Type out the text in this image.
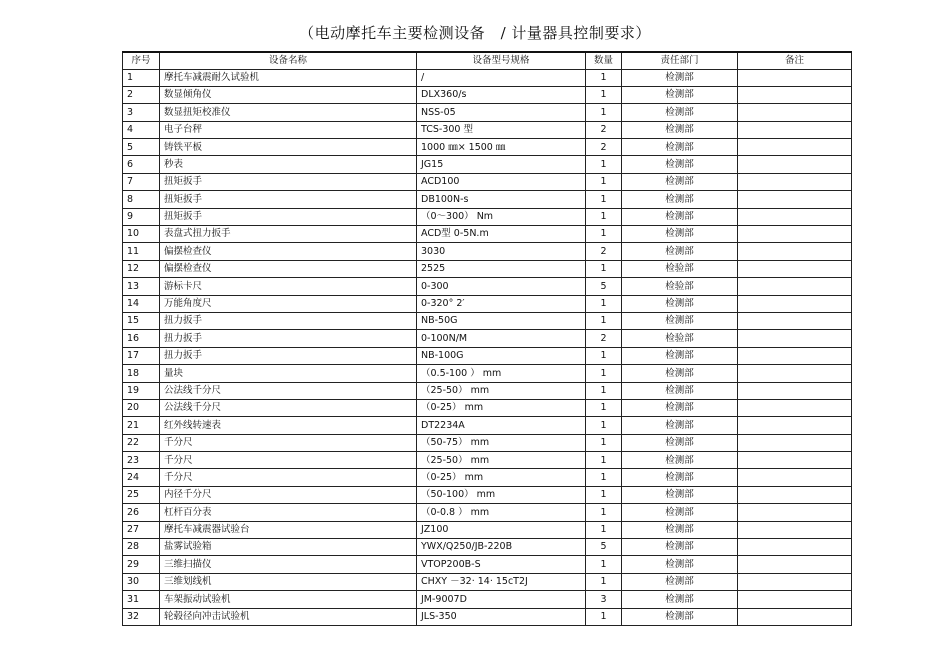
（电动摩托车主要检测设备　/ 计量器具控制要求）
序号	设备名称	设备型号规格	数量	责任部门	备注
1	摩托车减震耐久试验机	/	1	检测部	
2	数显倾角仪	DLX360/s	1	检测部	
3	数显扭矩校准仪	NSS-05	1	检测部	
4	电子台秤	TCS-300 型	2	检测部	
5	铸铁平板	1000 ㎜× 1500 ㎜	2	检测部	
6	秒表	JG15	1	检测部	
7	扭矩扳手	ACD100	1	检测部	
8	扭矩扳手	DB100N-s	1	检测部	
9	扭矩扳手	（0～300） Nm	1	检测部	
10	表盘式扭力扳手	ACD型 0-5N.m	1	检测部	
11	偏摆检查仪	3030	2	检测部	
12	偏摆检查仪	2525	1	检验部	
13	游标卡尺	0-300	5	检验部	
14	万能角度尺	0-320° 2′	1	检测部	
15	扭力扳手	NB-50G	1	检测部	
16	扭力扳手	0-100N/M	2	检验部	
17	扭力扳手	NB-100G	1	检测部	
18	量块	（0.5-100 ） mm	1	检测部	
19	公法线千分尺	（25-50） mm	1	检测部	
20	公法线千分尺	（0-25） mm	1	检测部	
21	红外线转速表	DT2234A	1	检测部	
22	千分尺	（50-75） mm	1	检测部	
23	千分尺	（25-50） mm	1	检测部	
24	千分尺	（0-25） mm	1	检测部	
25	内径千分尺	（50-100） mm	1	检测部	
26	杠杆百分表	（0-0.8 ） mm	1	检测部	
27	摩托车减震器试验台	JZ100	1	检测部	
28	盐雾试验箱	YWX/Q250/JB-220B	5	检测部	
29	三维扫描仪	VTOP200B-S	1	检测部	
30	三维划线机	CHXY －32· 14· 15cT2J	1	检测部	
31	车架振动试验机	JM-9007D	3	检测部	
32	轮毂径向冲击试验机	JLS-350	1	检测部	
